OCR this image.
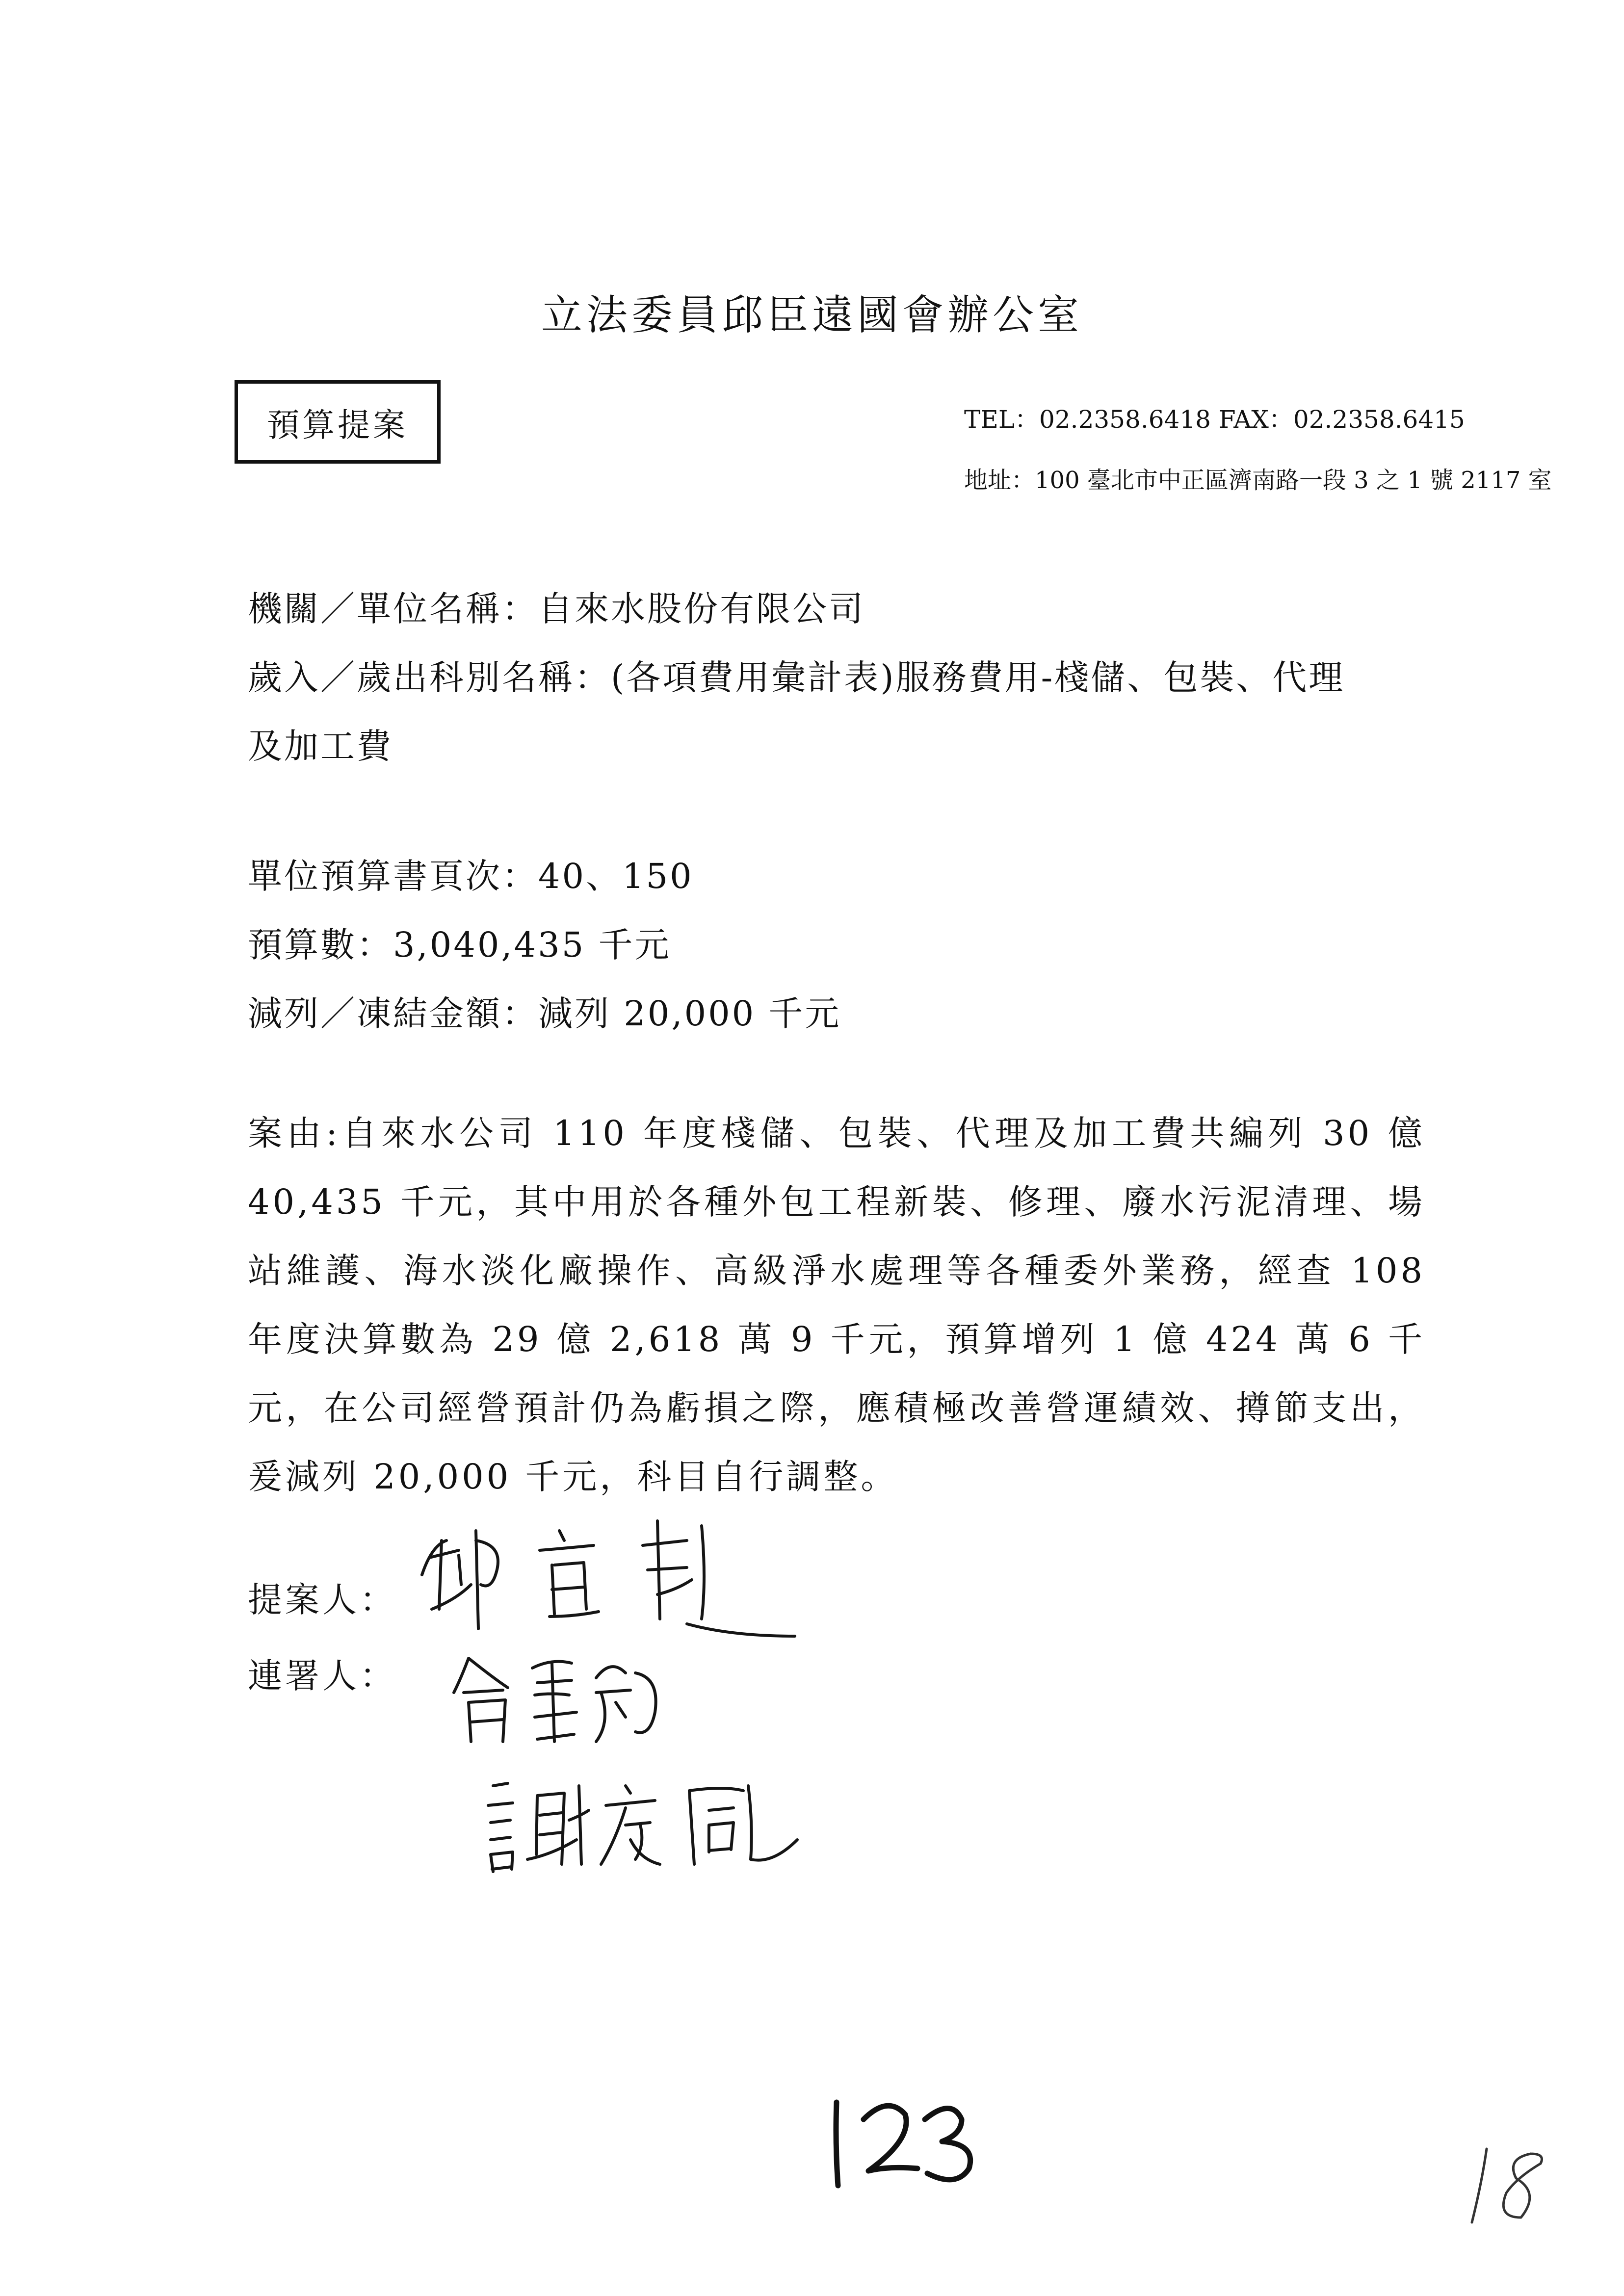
立法委員邱臣遠國會辦公室
預算提案	TEL：02.2358.6418 FAX：02.2358.6415
地址：100 臺北市中正區濟南路一段 3 之 1 號 2117 室
機關／單位名稱：自來水股份有限公司
歲入／歲出科別名稱：(各項費用彙計表)服務費用-棧儲、包裝、代理
及加工費
單位預算書頁次：40、150
預算數：3,040,435 千元
減列／凍結金額：減列 20,000 千元

案由:自來水公司 110 年度棧儲、包裝、代理及加工費共編列 30 億 40,435 千元，其中用於各種外包工程新裝、修理、廢水污泥清理、場站維護、海水淡化廠操作、高級淨水處理等各種委外業務，經查 108 年度決算數為 29 億 2,618 萬 9 千元，預算增列 1 億 424 萬 6 千元，在公司經營預計仍為虧損之際，應積極改善營運績效、撙節支出，爰減列 20,000 千元，科目自行調整。

提案人：
連署人：
